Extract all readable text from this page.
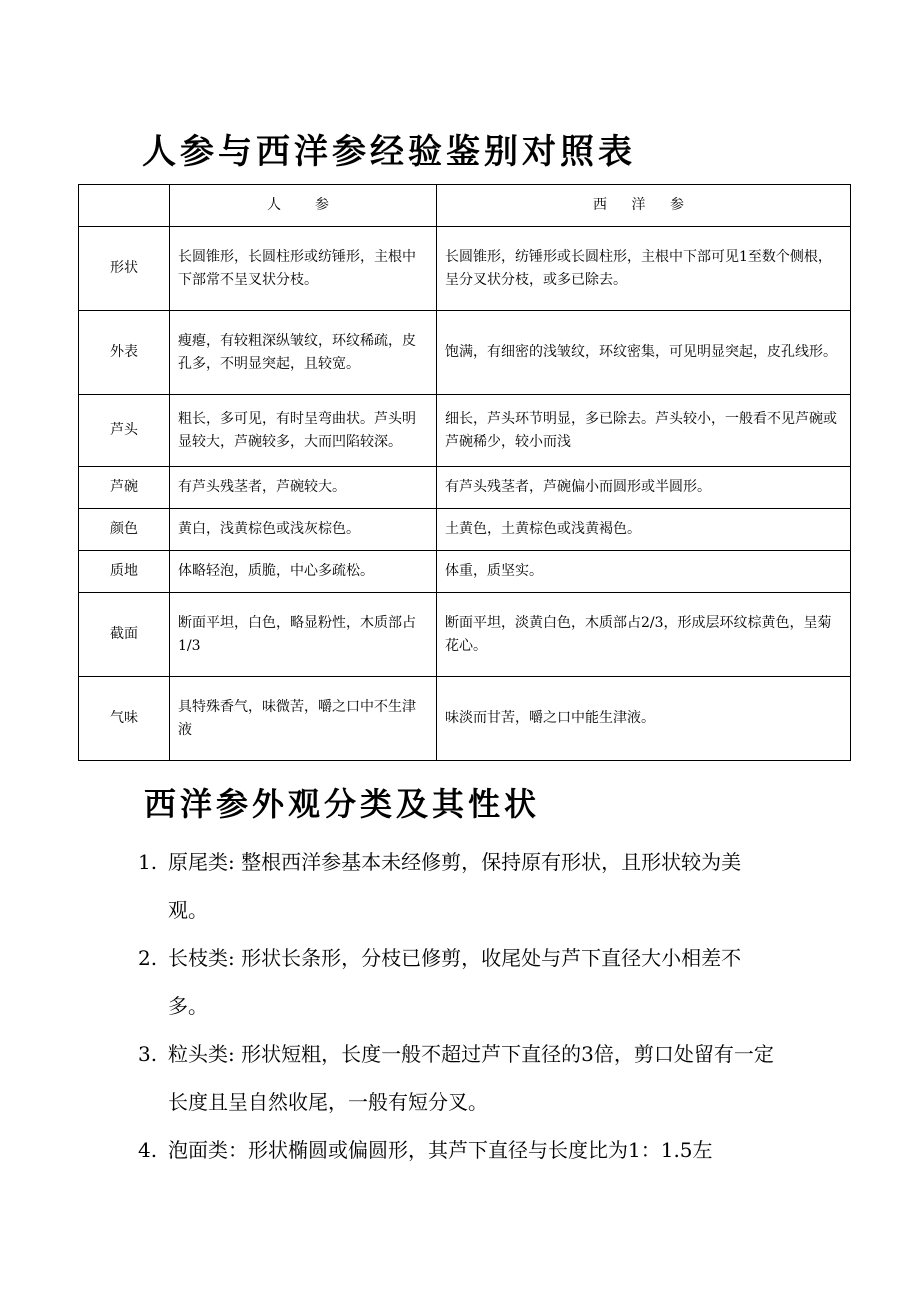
人参与西洋参经验鉴别对照表
	人　参	西 洋 参
形状	长圆锥形，长圆柱形或纺锤形，主根中下部常不呈叉状分枝。	长圆锥形，纺锤形或长圆柱形，主根中下部可见1至数个侧根，呈分叉状分枝，或多已除去。
外表	瘦瘪，有较粗深纵皱纹，环纹稀疏，皮孔多，不明显突起，且较宽。	饱满，有细密的浅皱纹，环纹密集，可见明显突起，皮孔线形。
芦头	粗长，多可见，有时呈弯曲状。芦头明显较大，芦碗较多，大而凹陷较深。	细长，芦头环节明显，多已除去。芦头较小，一般看不见芦碗或芦碗稀少，较小而浅
芦碗	有芦头残茎者，芦碗较大。	有芦头残茎者，芦碗偏小而圆形或半圆形。
颜色	黄白，浅黄棕色或浅灰棕色。	土黄色，土黄棕色或浅黄褐色。
质地	体略轻泡，质脆，中心多疏松。	体重，质坚实。
截面	断面平坦，白色，略显粉性，木质部占1/3	断面平坦，淡黄白色，木质部占2/3，形成层环纹棕黄色，呈菊花心。
气味	具特殊香气，味微苦，嚼之口中不生津液	味淡而甘苦，嚼之口中能生津液。
西洋参外观分类及其性状
1. 原尾类: 整根西洋参基本未经修剪，保持原有形状，且形状较为美观。
2. 长枝类: 形状长条形，分枝已修剪，收尾处与芦下直径大小相差不多。
3. 粒头类: 形状短粗，长度一般不超过芦下直径的3倍，剪口处留有一定长度且呈自然收尾，一般有短分叉。
4. 泡面类：形状椭圆或偏圆形，其芦下直径与长度比为1：1.5左
